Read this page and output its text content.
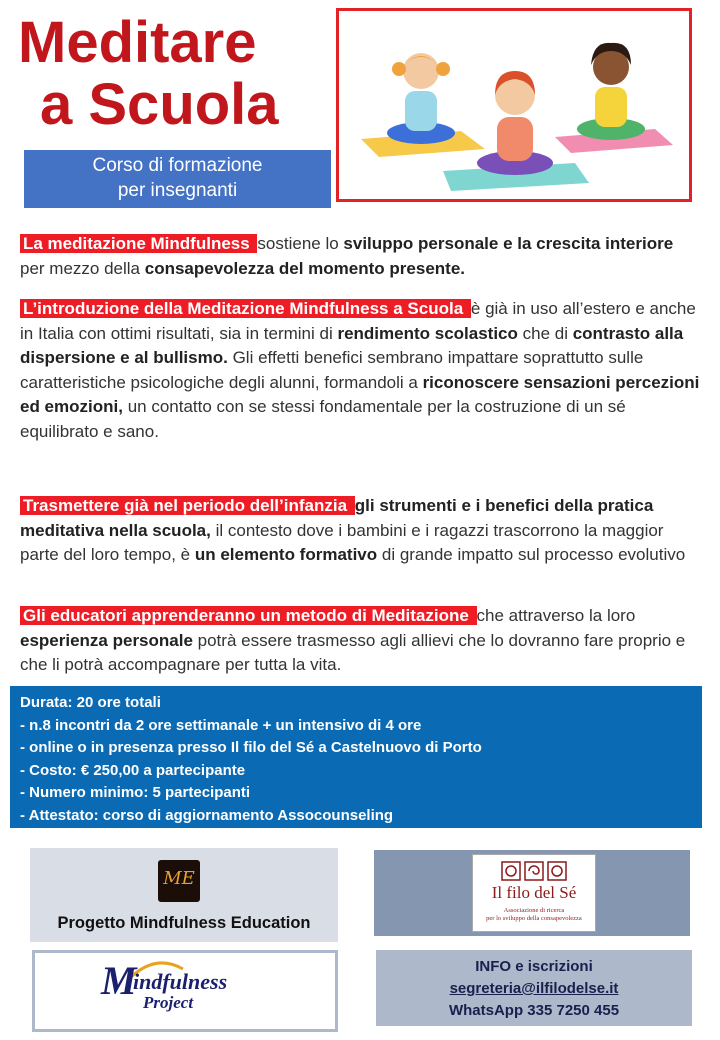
Meditare
a Scuola
Corso di formazione
per insegnanti
La meditazione Mindfulness sostiene lo sviluppo personale e la crescita interiore per mezzo della consapevolezza del momento presente.
L’introduzione della Meditazione Mindfulness a Scuola è già in uso all’estero e anche in Italia con ottimi risultati, sia in termini di rendimento scolastico che di contrasto alla dispersione e al bullismo. Gli effetti benefici sembrano impattare soprattutto sulle caratteristiche psicologiche degli alunni, formandoli a riconoscere sensazioni percezioni ed emozioni, un contatto con se stessi fondamentale per la costruzione di un sé equilibrato e sano.
Trasmettere già nel periodo dell’infanzia gli strumenti e i benefici della pratica meditativa nella scuola, il contesto dove i bambini e i ragazzi trascorrono la maggior parte del loro tempo, è un elemento formativo di grande impatto sul processo evolutivo
Gli educatori apprenderanno un metodo di Meditazione che attraverso la loro esperienza personale potrà essere trasmesso agli allievi che lo dovranno fare proprio e che li potrà accompagnare per tutta la vita.
Durata: 20 ore totali
- n.8 incontri da 2 ore settimanale + un intensivo di 4 ore
- online o in presenza presso Il filo del Sé a Castelnuovo di Porto
- Costo: € 250,00 a partecipante
- Numero minimo: 5 partecipanti
- Attestato: corso di aggiornamento Assocounseling
ME
Progetto Mindfulness Education
Il filo del Sé
Associazione di ricerca
per lo sviluppo della consapevolezza
M
indfulness
Project
INFO e iscrizioni
segreteria@ilfilodelse.it
WhatsApp 335 7250 455
